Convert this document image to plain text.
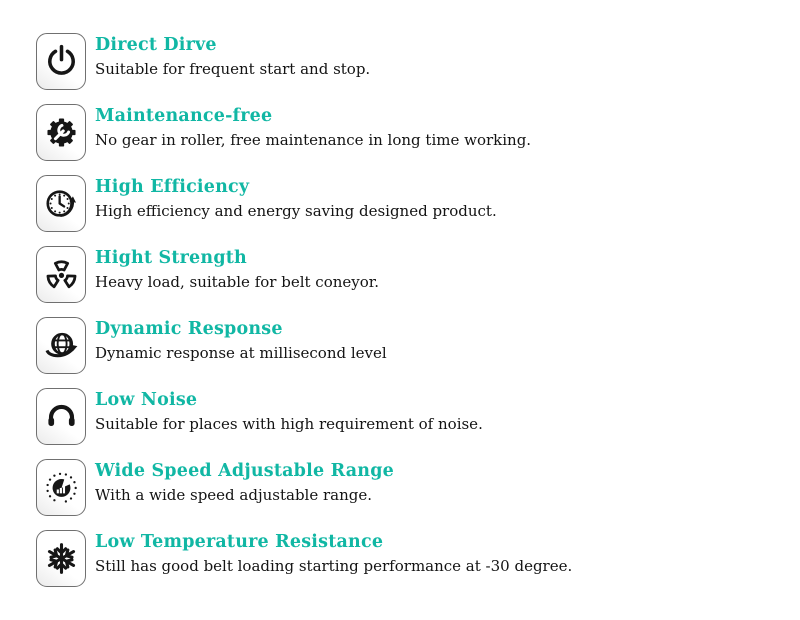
Direct Dirve
Suitable for frequent start and stop.
Maintenance-free
No gear in roller, free maintenance in long time working.
High Efficiency
High efficiency and energy saving designed product.
Hight Strength
Heavy load, suitable for belt coneyor.
Dynamic Response
Dynamic response at millisecond level
Low Noise
Suitable for places with high requirement of noise.
Wide Speed Adjustable Range
With a wide speed adjustable range.
Low Temperature Resistance
Still has good belt loading starting performance at -30 degree.
